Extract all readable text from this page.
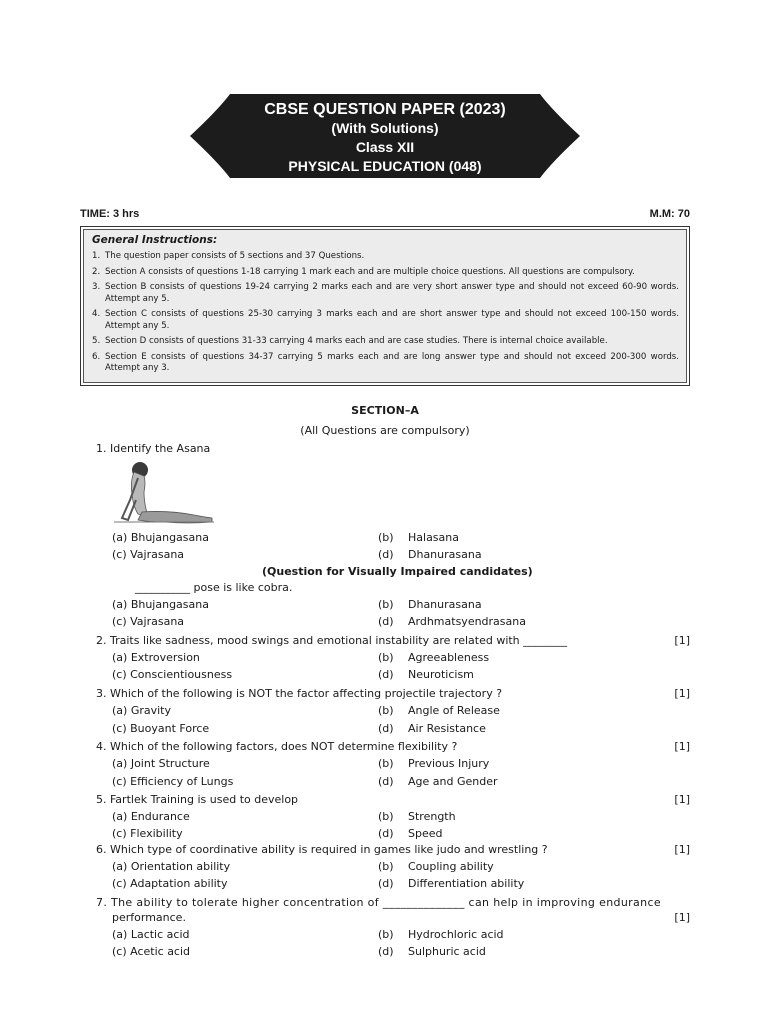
CBSE QUESTION PAPER (2023)
(With Solutions)
Class XII
PHYSICAL EDUCATION (048)
TIME: 3 hrs	M.M: 70
General Instructions:
1. The question paper consists of 5 sections and 37 Questions.
2. Section A consists of questions 1-18 carrying 1 mark each and are multiple choice questions. All questions are compulsory.
3. Section B consists of questions 19-24 carrying 2 marks each and are very short answer type and should not exceed 60-90 words. Attempt any 5.
4. Section C consists of questions 25-30 carrying 3 marks each and are short answer type and should not exceed 100-150 words. Attempt any 5.
5. Section D consists of questions 31-33 carrying 4 marks each and are case studies. There is internal choice available.
6. Section E consists of questions 34-37 carrying 5 marks each and are long answer type and should not exceed 200-300 words. Attempt any 3.
SECTION–A
(All Questions are compulsory)
1. Identify the Asana
(a) Bhujangasana	(b) Halasana
(c) Vajrasana	(d) Dhanurasana
(Question for Visually Impaired candidates)
__________ pose is like cobra.
(a) Bhujangasana	(b) Dhanurasana
(c) Vajrasana	(d) Ardhmatsyendrasana
2. Traits like sadness, mood swings and emotional instability are related with ________	[1]
(a) Extroversion	(b) Agreeableness
(c) Conscientiousness	(d) Neuroticism
3. Which of the following is NOT the factor affecting projectile trajectory ?	[1]
(a) Gravity	(b) Angle of Release
(c) Buoyant Force	(d) Air Resistance
4. Which of the following factors, does NOT determine flexibility ?	[1]
(a) Joint Structure	(b) Previous Injury
(c) Efficiency of Lungs	(d) Age and Gender
5. Fartlek Training is used to develop	[1]
(a) Endurance	(b) Strength
(c) Flexibility	(d) Speed
6. Which type of coordinative ability is required in games like judo and wrestling ?	[1]
(a) Orientation ability	(b) Coupling ability
(c) Adaptation ability	(d) Differentiation ability
7. The ability to tolerate higher concentration of ______________ can help in improving endurance
performance.	[1]
(a) Lactic acid	(b) Hydrochloric acid
(c) Acetic acid	(d) Sulphuric acid
